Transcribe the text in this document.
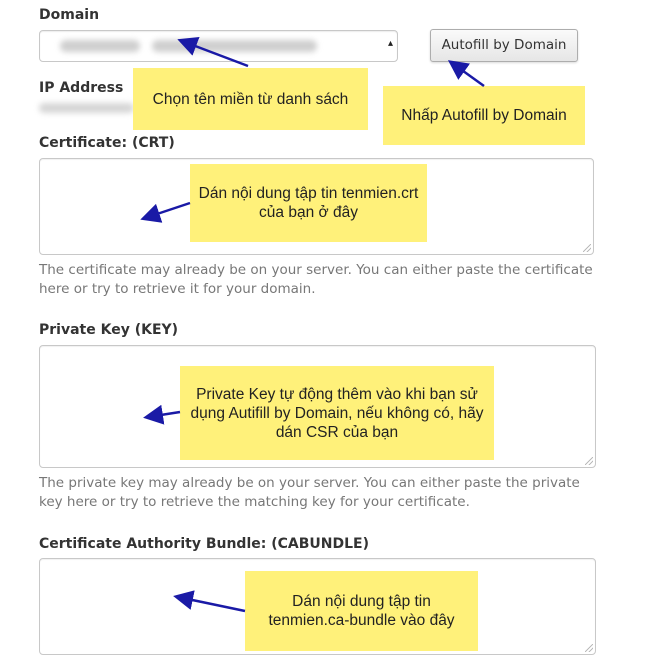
Domain
▴	Autofill by Domain
IP Address
Certificate: (CRT)
The certificate may already be on your server. You can either paste the certificate here or try to retrieve it for your domain.
Private Key (KEY)
The private key may already be on your server. You can either paste the private key here or try to retrieve the matching key for your certificate.
Certificate Authority Bundle: (CABUNDLE)
Chọn tên miền từ danh sách
Nhấp Autofill by Domain
Dán nội dung tập tin tenmien.crt của bạn ở đây
Private Key tự động thêm vào khi bạn sử dụng Autifill by Domain, nếu không có, hãy dán CSR của bạn
Dán nội dung tập tin tenmien.ca-bundle vào đây
